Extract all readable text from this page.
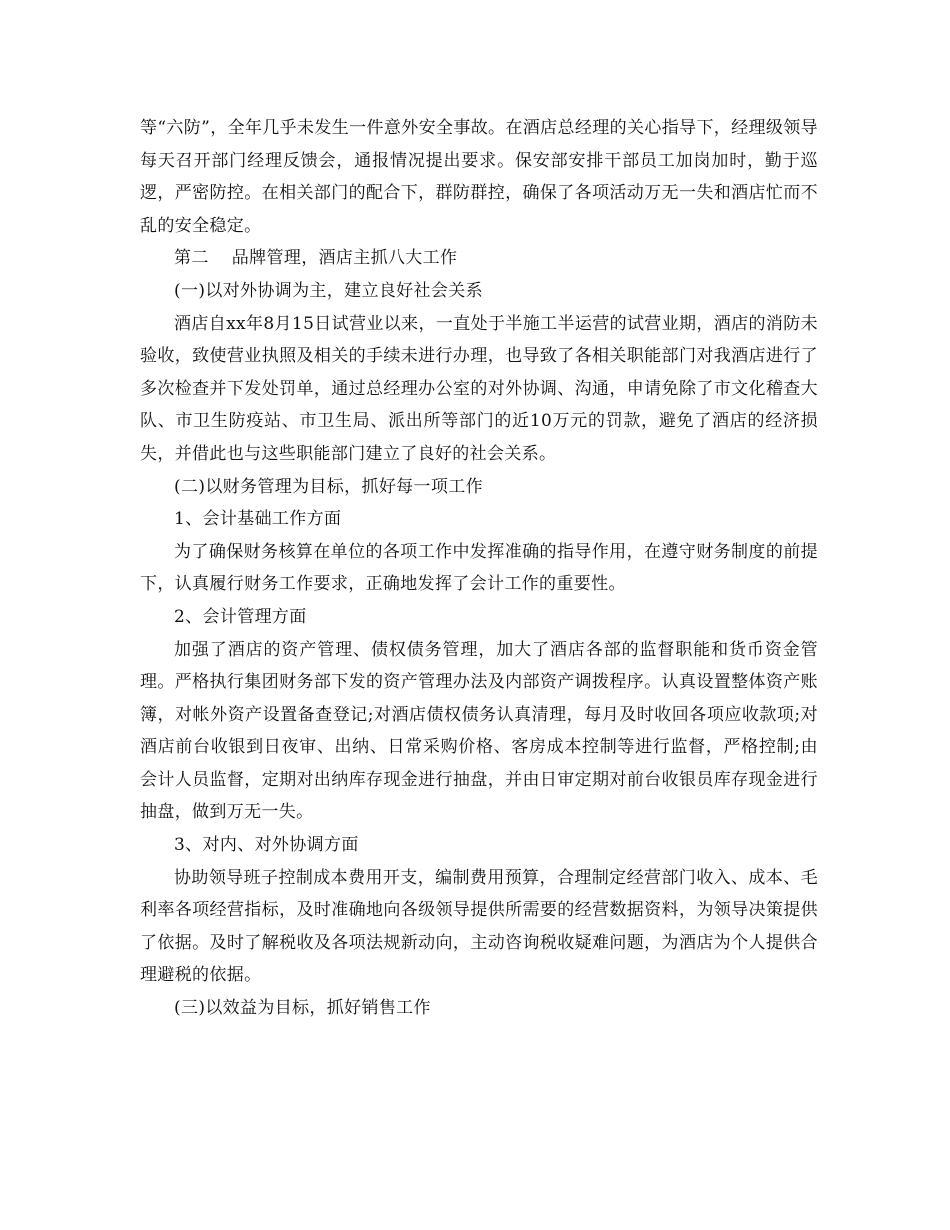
等“六防”，全年几乎未发生一件意外安全事故。在酒店总经理的关心指导下，经理级领导每天召开部门经理反馈会，通报情况提出要求。保安部安排干部员工加岗加时，勤于巡逻，严密防控。在相关部门的配合下，群防群控，确保了各项活动万无一失和酒店忙而不乱的安全稳定。

第二　 品牌管理，酒店主抓八大工作

(一)以对外协调为主，建立良好社会关系

酒店自xx年8月15日试营业以来，一直处于半施工半运营的试营业期，酒店的消防未验收，致使营业执照及相关的手续未进行办理，也导致了各相关职能部门对我酒店进行了多次检查并下发处罚单，通过总经理办公室的对外协调、沟通，申请免除了市文化稽查大队、市卫生防疫站、市卫生局、派出所等部门的近10万元的罚款，避免了酒店的经济损失，并借此也与这些职能部门建立了良好的社会关系。

(二)以财务管理为目标，抓好每一项工作

1、会计基础工作方面

为了确保财务核算在单位的各项工作中发挥准确的指导作用，在遵守财务制度的前提下，认真履行财务工作要求，正确地发挥了会计工作的重要性。

2、会计管理方面

加强了酒店的资产管理、债权债务管理，加大了酒店各部的监督职能和货币资金管理。严格执行集团财务部下发的资产管理办法及内部资产调拨程序。认真设置整体资产账簿，对帐外资产设置备查登记;对酒店债权债务认真清理，每月及时收回各项应收款项;对酒店前台收银到日夜审、出纳、日常采购价格、客房成本控制等进行监督，严格控制;由会计人员监督，定期对出纳库存现金进行抽盘，并由日审定期对前台收银员库存现金进行抽盘，做到万无一失。

3、对内、对外协调方面

协助领导班子控制成本费用开支，编制费用预算，合理制定经营部门收入、成本、毛利率各项经营指标，及时准确地向各级领导提供所需要的经营数据资料，为领导决策提供了依据。及时了解税收及各项法规新动向，主动咨询税收疑难问题，为酒店为个人提供合理避税的依据。

(三)以效益为目标，抓好销售工作
